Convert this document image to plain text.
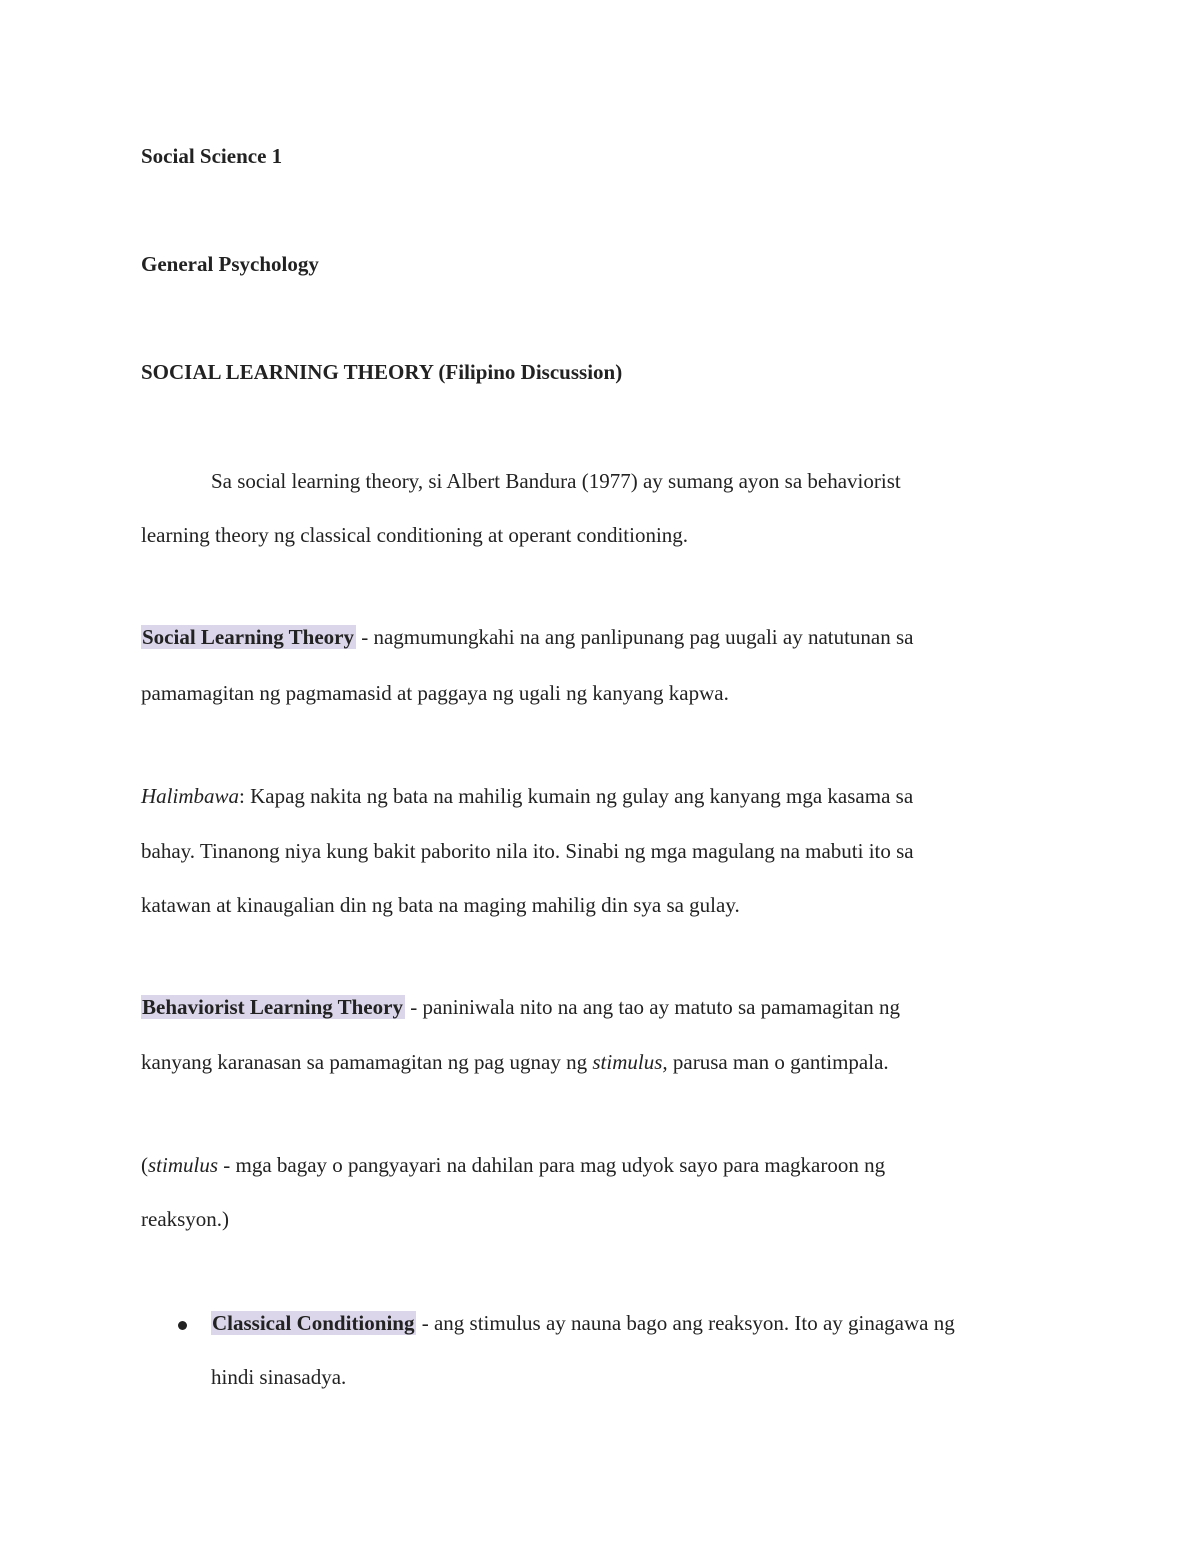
Social Science 1

General Psychology

SOCIAL LEARNING THEORY (Filipino Discussion)

Sa social learning theory, si Albert Bandura (1977) ay sumang ayon sa behaviorist

learning theory ng classical conditioning at operant conditioning.

Social Learning Theory - nagmumungkahi na ang panlipunang pag uugali ay natutunan sa

pamamagitan ng pagmamasid at paggaya ng ugali ng kanyang kapwa.

Halimbawa: Kapag nakita ng bata na mahilig kumain ng gulay ang kanyang mga kasama sa

bahay. Tinanong niya kung bakit paborito nila ito. Sinabi ng mga magulang na mabuti ito sa

katawan at kinaugalian din ng bata na maging mahilig din sya sa gulay.

Behaviorist Learning Theory - paniniwala nito na ang tao ay matuto sa pamamagitan ng

kanyang karanasan sa pamamagitan ng pag ugnay ng stimulus, parusa man o gantimpala.

(stimulus - mga bagay o pangyayari na dahilan para mag udyok sayo para magkaroon ng

reaksyon.)

Classical Conditioning - ang stimulus ay nauna bago ang reaksyon. Ito ay ginagawa ng

hindi sinasadya.
